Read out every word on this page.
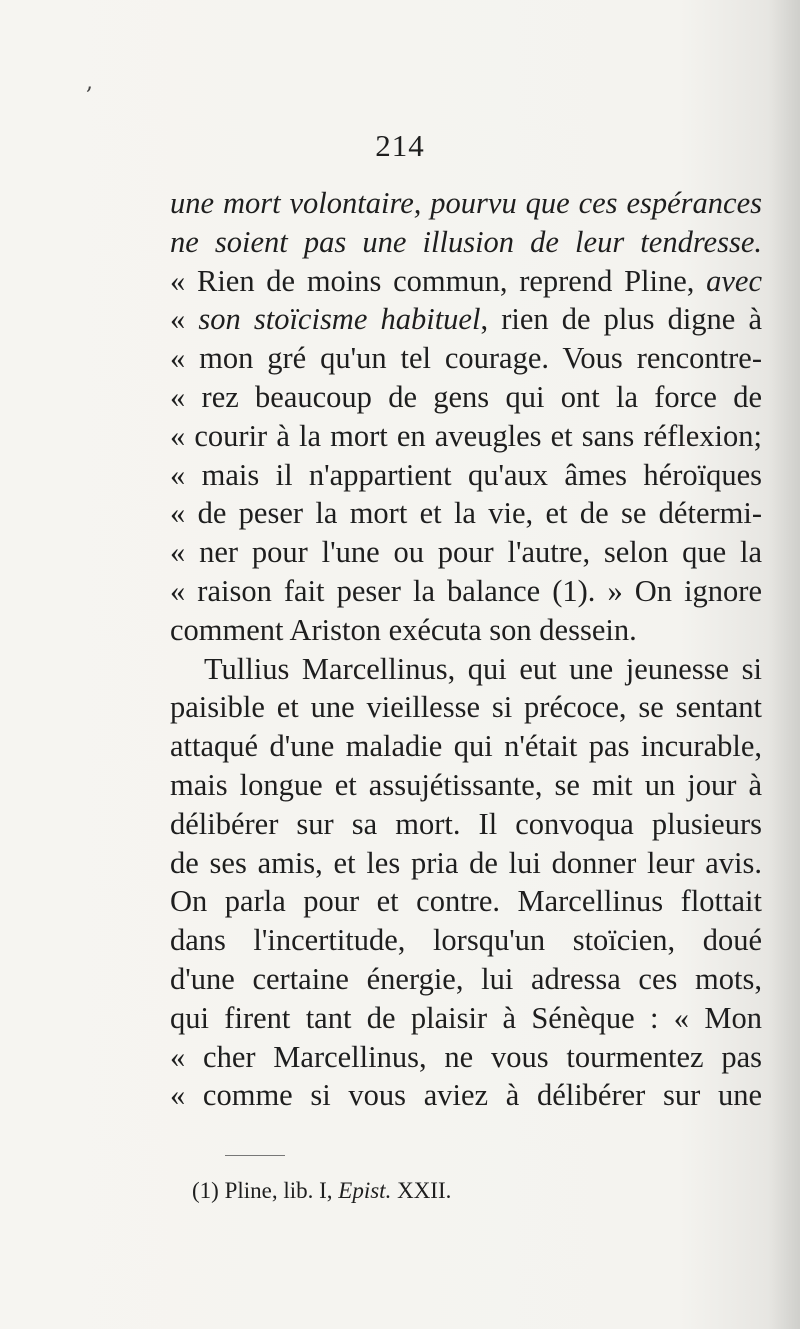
,
214
une mort volontaire, pourvu que ces espérances
ne soient pas une illusion de leur tendresse.
« Rien de moins commun, reprend Pline, avec
« son stoïcisme habituel, rien de plus digne à
« mon gré qu'un tel courage. Vous rencontre-
« rez beaucoup de gens qui ont la force de
« courir à la mort en aveugles et sans réflexion;
« mais il n'appartient qu'aux âmes héroïques
« de peser la mort et la vie, et de se détermi-
« ner pour l'une ou pour l'autre, selon que la
« raison fait peser la balance (1). » On ignore
comment Ariston exécuta son dessein.
Tullius Marcellinus, qui eut une jeunesse si
paisible et une vieillesse si précoce, se sentant
attaqué d'une maladie qui n'était pas incurable,
mais longue et assujétissante, se mit un jour à
délibérer sur sa mort. Il convoqua plusieurs
de ses amis, et les pria de lui donner leur avis.
On parla pour et contre. Marcellinus flottait
dans l'incertitude, lorsqu'un stoïcien, doué
d'une certaine énergie, lui adressa ces mots,
qui firent tant de plaisir à Sénèque : « Mon
« cher Marcellinus, ne vous tourmentez pas
« comme si vous aviez à délibérer sur une
(1) Pline, lib. I, Epist. XXII.
